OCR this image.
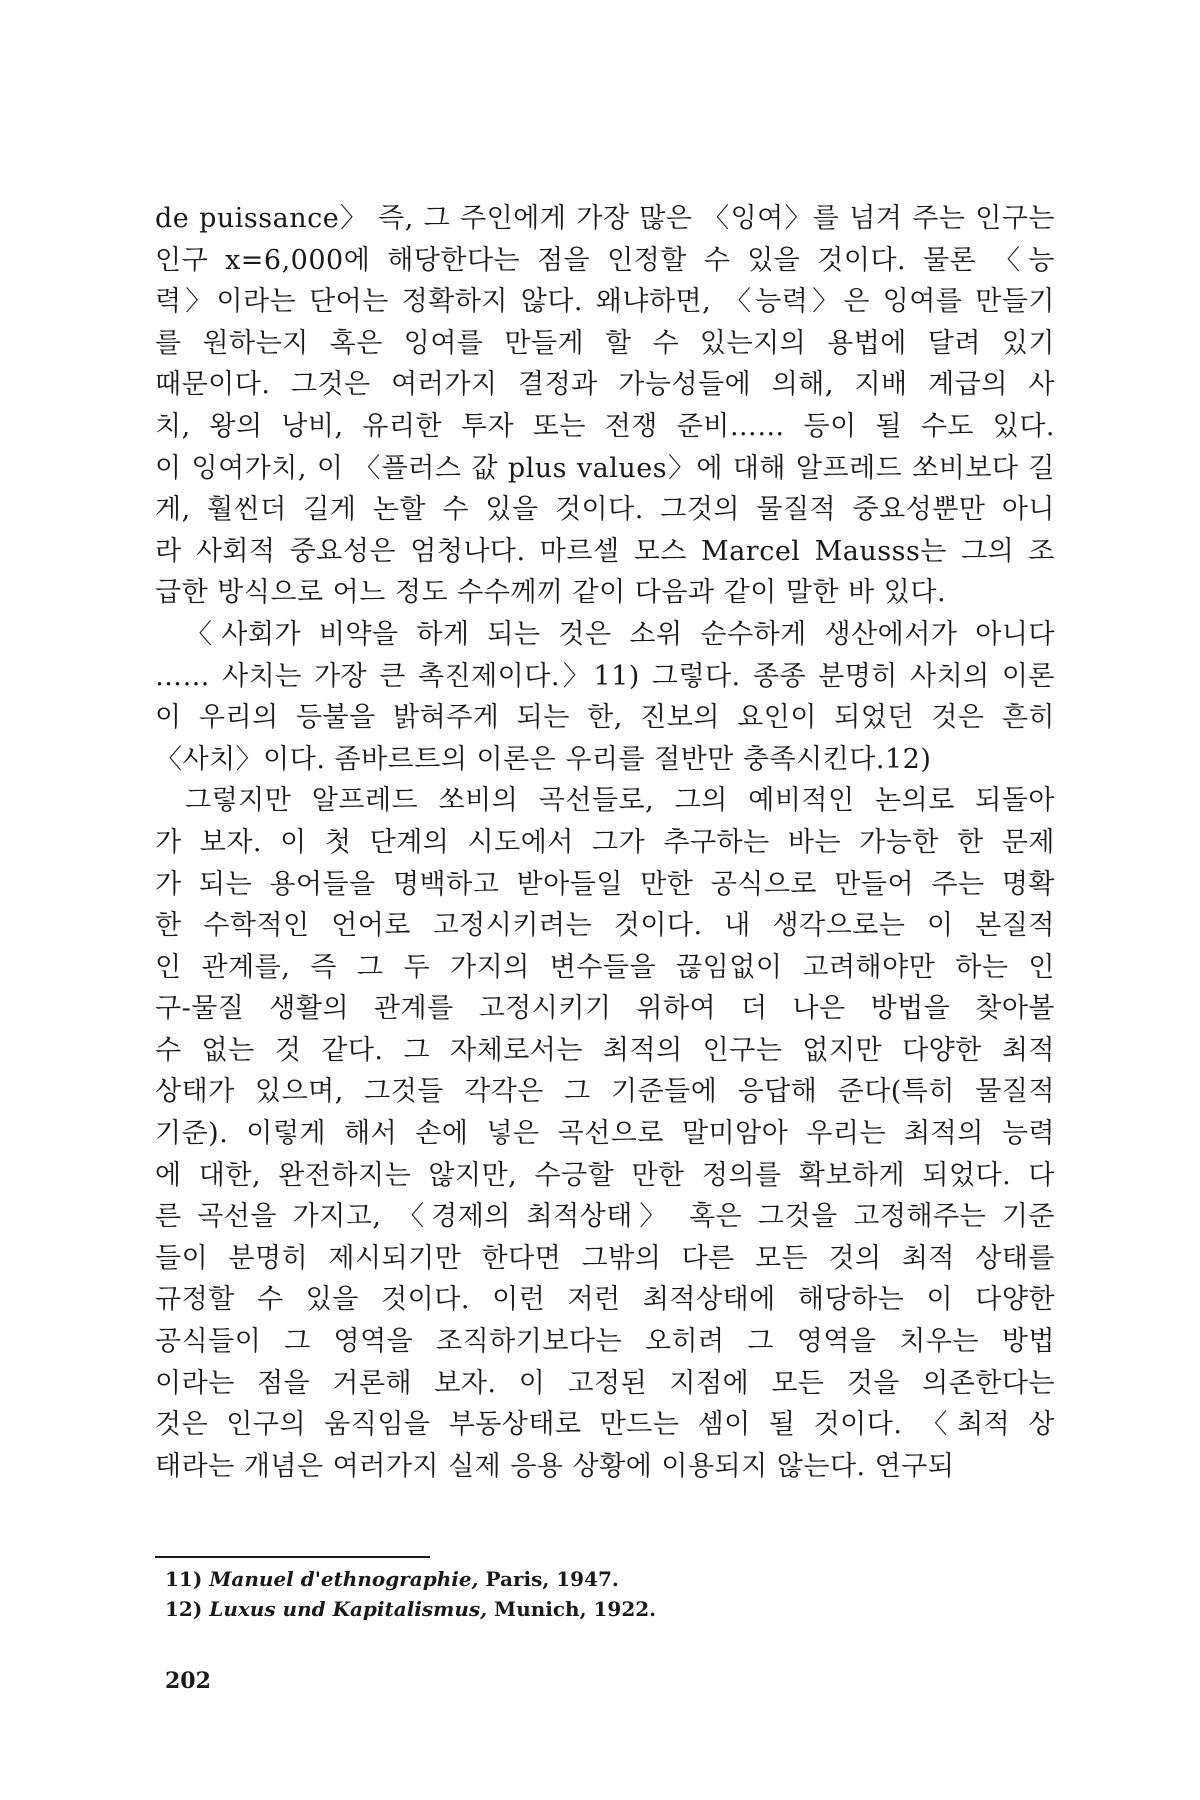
de puissance〉 즉, 그 주인에게 가장 많은 〈잉여〉를 넘겨 주는 인구는
인구 x=6,000에 해당한다는 점을 인정할 수 있을 것이다. 물론 〈능
력〉이라는 단어는 정확하지 않다. 왜냐하면, 〈능력〉은 잉여를 만들기
를 원하는지 혹은 잉여를 만들게 할 수 있는지의 용법에 달려 있기
때문이다. 그것은 여러가지 결정과 가능성들에 의해, 지배 계급의 사
치, 왕의 낭비, 유리한 투자 또는 전쟁 준비…… 등이 될 수도 있다.
이 잉여가치, 이 〈플러스 값 plus values〉에 대해 알프레드 쏘비보다 길
게, 훨씬더 길게 논할 수 있을 것이다. 그것의 물질적 중요성뿐만 아니
라 사회적 중요성은 엄청나다. 마르셀 모스 Marcel Mausss는 그의 조
급한 방식으로 어느 정도 수수께끼 같이 다음과 같이 말한 바 있다.
〈사회가 비약을 하게 되는 것은 소위 순수하게 생산에서가 아니다
…… 사치는 가장 큰 촉진제이다.〉11) 그렇다. 종종 분명히 사치의 이론
이 우리의 등불을 밝혀주게 되는 한, 진보의 요인이 되었던 것은 흔히
〈사치〉이다. 좀바르트의 이론은 우리를 절반만 충족시킨다.12)
그렇지만 알프레드 쏘비의 곡선들로, 그의 예비적인 논의로 되돌아
가 보자. 이 첫 단계의 시도에서 그가 추구하는 바는 가능한 한 문제
가 되는 용어들을 명백하고 받아들일 만한 공식으로 만들어 주는 명확
한 수학적인 언어로 고정시키려는 것이다. 내 생각으로는 이 본질적
인 관계를, 즉 그 두 가지의 변수들을 끊임없이 고려해야만 하는 인
구-물질 생활의 관계를 고정시키기 위하여 더 나은 방법을 찾아볼
수 없는 것 같다. 그 자체로서는 최적의 인구는 없지만 다양한 최적
상태가 있으며, 그것들 각각은 그 기준들에 응답해 준다(특히 물질적
기준). 이렇게 해서 손에 넣은 곡선으로 말미암아 우리는 최적의 능력
에 대한, 완전하지는 않지만, 수긍할 만한 정의를 확보하게 되었다. 다
른 곡선을 가지고, 〈경제의 최적상태〉 혹은 그것을 고정해주는 기준
들이 분명히 제시되기만 한다면 그밖의 다른 모든 것의 최적 상태를
규정할 수 있을 것이다. 이런 저런 최적상태에 해당하는 이 다양한
공식들이 그 영역을 조직하기보다는 오히려 그 영역을 치우는 방법
이라는 점을 거론해 보자. 이 고정된 지점에 모든 것을 의존한다는
것은 인구의 움직임을 부동상태로 만드는 셈이 될 것이다. 〈최적 상
태라는 개념은 여러가지 실제 응용 상황에 이용되지 않는다. 연구되
11) Manuel d'ethnographie, Paris, 1947.
12) Luxus und Kapitalismus, Munich, 1922.
202
